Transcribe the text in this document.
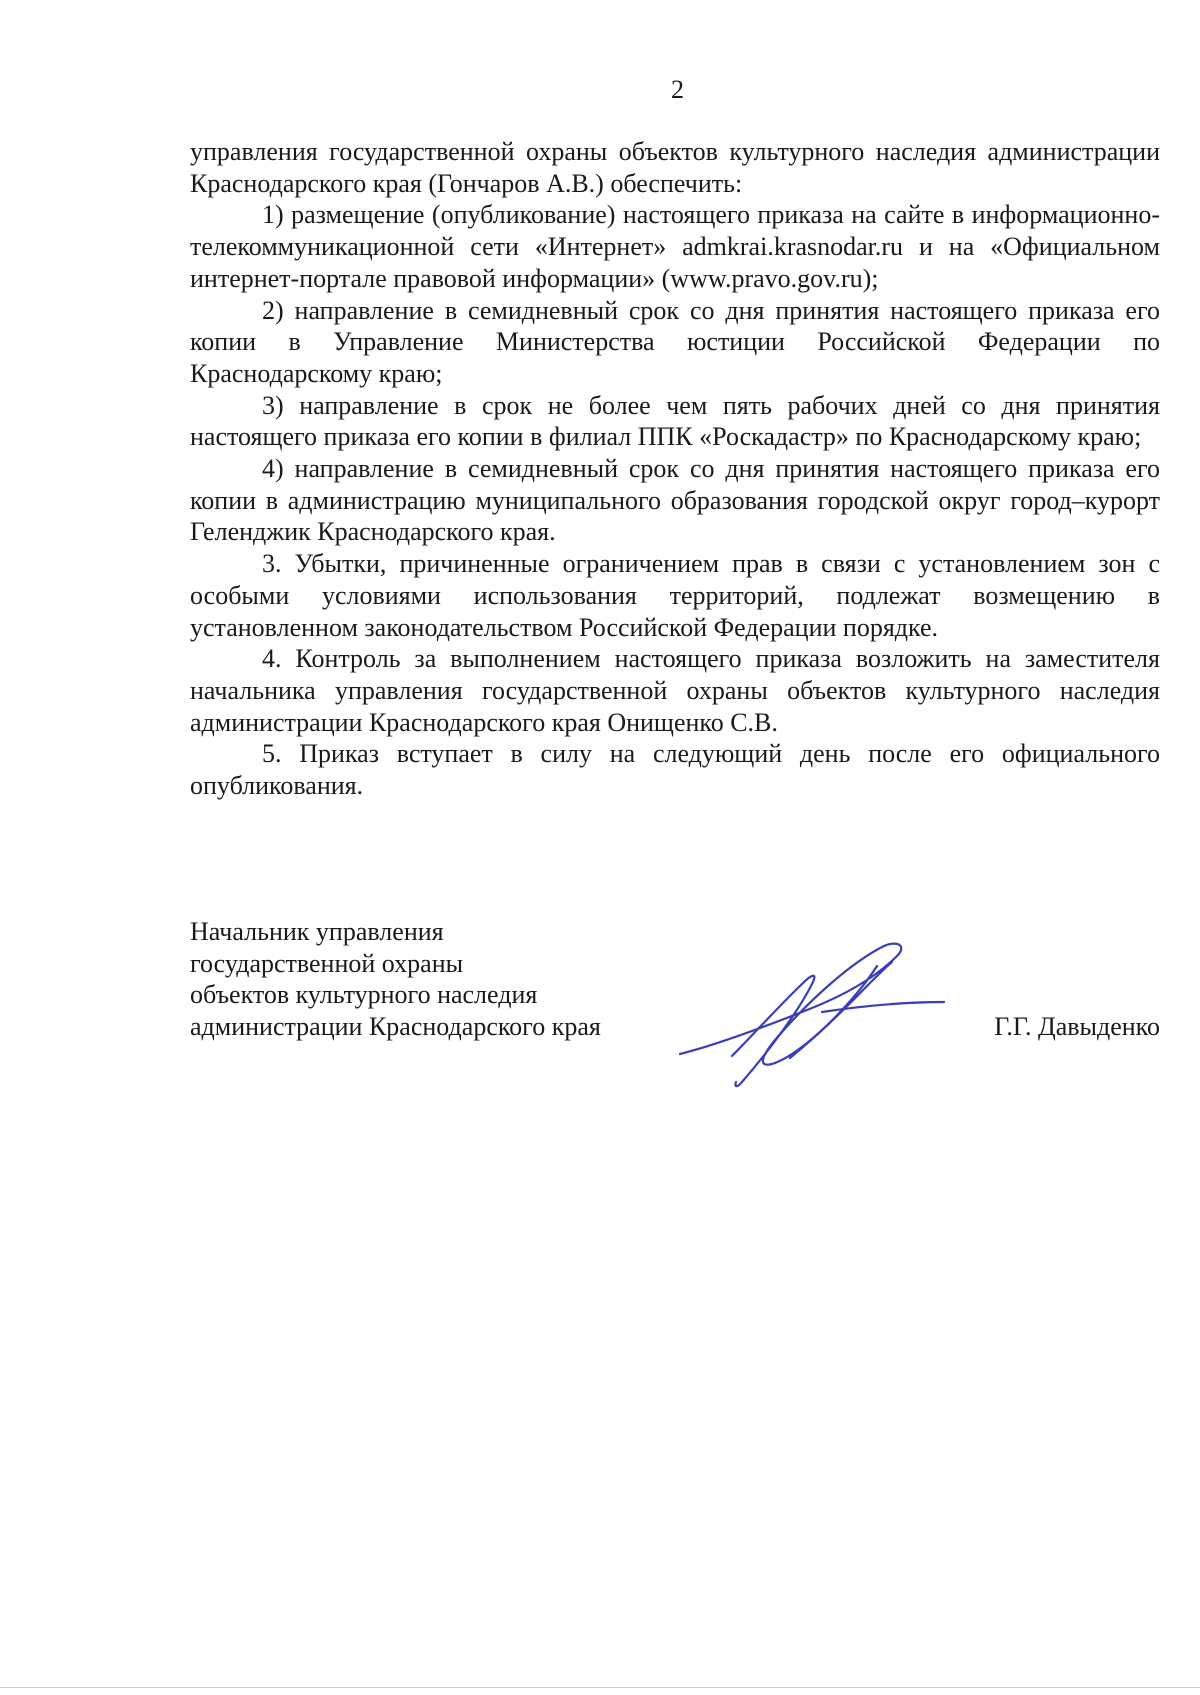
2

управления государственной охраны объектов культурного наследия администрации Краснодарского края (Гончаров А.В.) обеспечить:

1) размещение (опубликование) настоящего приказа на сайте в информационно-телекоммуникационной сети «Интернет» admkrai.krasnodar.ru и на «Официальном интернет-портале правовой информации» (www.pravo.gov.ru);

2) направление в семидневный срок со дня принятия настоящего приказа его копии в Управление Министерства юстиции Российской Федерации по Краснодарскому краю;

3) направление в срок не более чем пять рабочих дней со дня принятия настоящего приказа его копии в филиал ППК «Роскадастр» по Краснодарскому краю;

4) направление в семидневный срок со дня принятия настоящего приказа его копии в администрацию муниципального образования городской округ город–курорт Геленджик Краснодарского края.

3. Убытки, причиненные ограничением прав в связи с установлением зон с особыми условиями использования территорий, подлежат возмещению в установленном законодательством Российской Федерации порядке.

4. Контроль за выполнением настоящего приказа возложить на заместителя начальника управления государственной охраны объектов культурного наследия администрации Краснодарского края Онищенко С.В.

5. Приказ вступает в силу на следующий день после его официального опубликования.

Начальник управления
государственной охраны
объектов культурного наследия
администрации Краснодарского края	Г.Г. Давыденко
